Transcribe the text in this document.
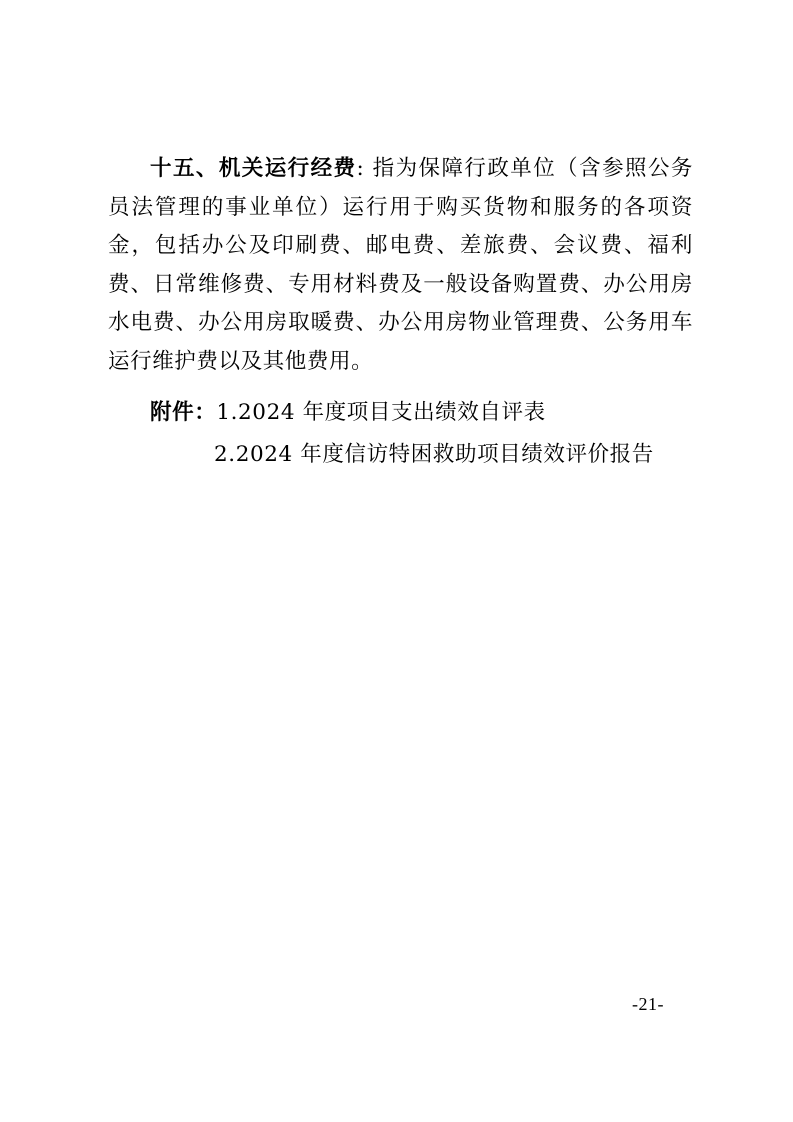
十五、机关运行经费: 指为保障行政单位（含参照公务员法管理的事业单位）运行用于购买货物和服务的各项资金，包括办公及印刷费、邮电费、差旅费、会议费、福利费、日常维修费、专用材料费及一般设备购置费、办公用房水电费、办公用房取暖费、办公用房物业管理费、公务用车运行维护费以及其他费用。

附件：1.2024 年度项目支出绩效自评表
2.2024 年度信访特困救助项目绩效评价报告
-21-
